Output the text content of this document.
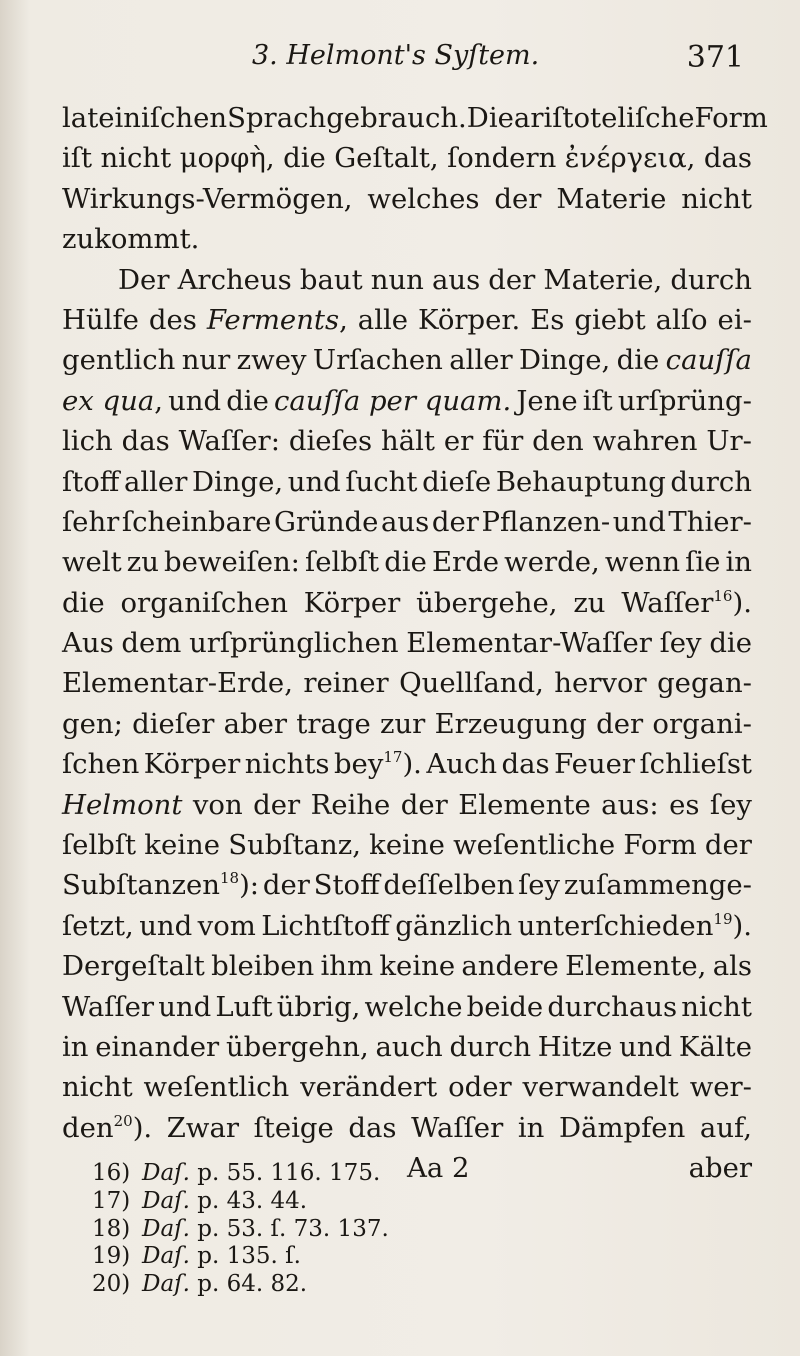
3. Helmont's Syſtem.	371
lateiniſchen Sprachgebrauch. Die ariſtoteliſche Form
iſt nicht μορφὴ, die Geſtalt, ſondern ἐνέργεια, das
Wirkungs-Vermögen, welches der Materie nicht
zukommt.
Der Archeus baut nun aus der Materie, durch
Hülfe des Ferments, alle Körper. Es giebt alſo ei-
gentlich nur zwey Urſachen aller Dinge, die cauſſa
ex qua, und die cauſſa per quam. Jene iſt urſprüng-
lich das Waſſer: dieſes hält er für den wahren Ur-
ſtoff aller Dinge, und ſucht dieſe Behauptung durch
ſehr ſcheinbare Gründe aus der Pflanzen- und Thier-
welt zu beweiſen: ſelbſt die Erde werde, wenn ſie in
die organiſchen Körper übergehe, zu Waſſer$^{16}$).
Aus dem urſprünglichen Elementar-Waſſer ſey die
Elementar-Erde, reiner Quellſand, hervor gegan-
gen; dieſer aber trage zur Erzeugung der organi-
ſchen Körper nichts bey$^{17}$). Auch das Feuer ſchlieſst
Helmont von der Reihe der Elemente aus: es ſey
ſelbſt keine Subſtanz, keine weſentliche Form der
Subſtanzen$^{18}$): der Stoff deſſelben ſey zuſammenge-
ſetzt, und vom Lichtſtoff gänzlich unterſchieden$^{19}$).
Dergeſtalt bleiben ihm keine andere Elemente, als
Waſſer und Luft übrig, welche beide durchaus nicht
in einander übergehn, auch durch Hitze und Kälte
nicht weſentlich verändert oder verwandelt wer-
den$^{20}$). Zwar ſteige das Waſſer in Dämpfen auf,
Aa 2	aber
16) Daſ. p. 55. 116. 175.
17) Daſ. p. 43. 44.
18) Daſ. p. 53. ſ. 73. 137.
19) Daſ. p. 135. ſ.
20) Daſ. p. 64. 82.
